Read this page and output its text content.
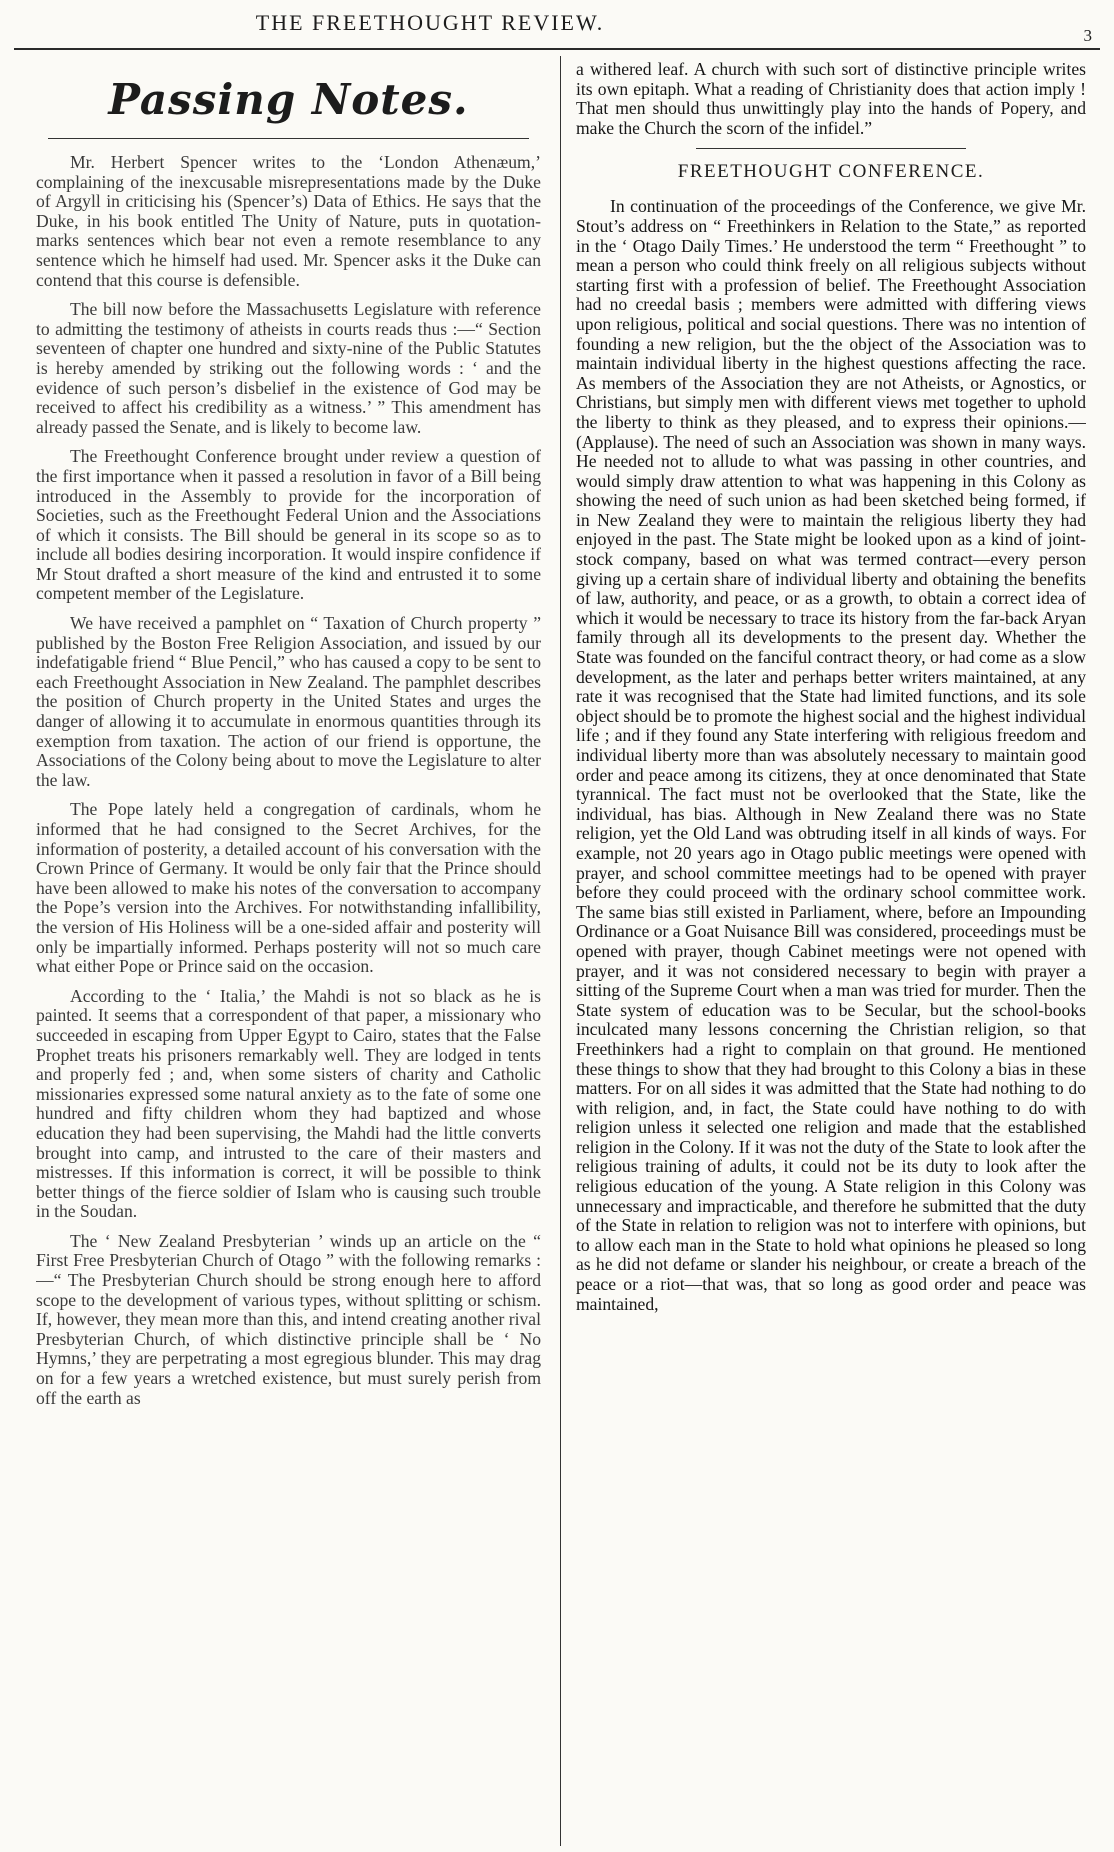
THE FREETHOUGHT REVIEW.
3
Passing Notes.

Mr. Herbert Spencer writes to the ‘London Athenæum,’ complaining of the inexcusable misrepresentations made by the Duke of Argyll in criticising his (Spencer’s) Data of Ethics. He says that the Duke, in his book entitled The Unity of Nature, puts in quotation-marks sentences which bear not even a remote resemblance to any sentence which he himself had used. Mr. Spencer asks it the Duke can contend that this course is defensible.

The bill now before the Massachusetts Legislature with reference to admitting the testimony of atheists in courts reads thus :—“ Section seventeen of chapter one hundred and sixty-nine of the Public Statutes is hereby amended by striking out the following words : ‘ and the evidence of such person’s disbelief in the existence of God may be received to affect his credibility as a witness.’ ” This amendment has already passed the Senate, and is likely to become law.

The Freethought Conference brought under review a question of the first importance when it passed a resolution in favor of a Bill being introduced in the Assembly to provide for the incorporation of Societies, such as the Freethought Federal Union and the Associations of which it consists. The Bill should be general in its scope so as to include all bodies desiring incorporation. It would inspire confidence if Mr Stout drafted a short measure of the kind and entrusted it to some competent member of the Legislature.

We have received a pamphlet on “ Taxation of Church property ” published by the Boston Free Religion Association, and issued by our indefatigable friend “ Blue Pencil,” who has caused a copy to be sent to each Freethought Association in New Zealand. The pamphlet describes the position of Church property in the United States and urges the danger of allowing it to accumulate in enormous quantities through its exemption from taxation. The action of our friend is opportune, the Associations of the Colony being about to move the Legislature to alter the law.

The Pope lately held a congregation of cardinals, whom he informed that he had consigned to the Secret Archives, for the information of posterity, a detailed account of his conversation with the Crown Prince of Germany. It would be only fair that the Prince should have been allowed to make his notes of the conversation to accompany the Pope’s version into the Archives. For notwithstanding infallibility, the version of His Holiness will be a one-sided affair and posterity will only be impartially informed. Perhaps posterity will not so much care what either Pope or Prince said on the occasion.

According to the ‘ Italia,’ the Mahdi is not so black as he is painted. It seems that a correspondent of that paper, a missionary who succeeded in escaping from Upper Egypt to Cairo, states that the False Prophet treats his prisoners remarkably well. They are lodged in tents and properly fed ; and, when some sisters of charity and Catholic missionaries expressed some natural anxiety as to the fate of some one hundred and fifty children whom they had baptized and whose education they had been supervising, the Mahdi had the little converts brought into camp, and intrusted to the care of their masters and mistresses. If this information is correct, it will be possible to think better things of the fierce soldier of Islam who is causing such trouble in the Soudan.

The ‘ New Zealand Presbyterian ’ winds up an article on the “ First Free Presbyterian Church of Otago ” with the following remarks :—“ The Presbyterian Church should be strong enough here to afford scope to the development of various types, without splitting or schism. If, however, they mean more than this, and intend creating another rival Presbyterian Church, of which distinctive principle shall be ‘ No Hymns,’ they are perpetrating a most egregious blunder. This may drag on for a few years a wretched existence, but must surely perish from off the earth as

a withered leaf. A church with such sort of distinctive principle writes its own epitaph. What a reading of Christianity does that action imply ! That men should thus unwittingly play into the hands of Popery, and make the Church the scorn of the infidel.”

FREETHOUGHT CONFERENCE.

In continuation of the proceedings of the Conference, we give Mr. Stout’s address on “ Freethinkers in Relation to the State,” as reported in the ‘ Otago Daily Times.’ He understood the term “ Freethought ” to mean a person who could think freely on all religious subjects without starting first with a profession of belief. The Freethought Association had no creedal basis ; members were admitted with differing views upon religious, political and social questions. There was no intention of founding a new religion, but the the object of the Association was to maintain individual liberty in the highest questions affecting the race. As members of the Association they are not Atheists, or Agnostics, or Christians, but simply men with different views met together to uphold the liberty to think as they pleased, and to express their opinions.—(Applause). The need of such an Association was shown in many ways. He needed not to allude to what was passing in other countries, and would simply draw attention to what was happening in this Colony as showing the need of such union as had been sketched being formed, if in New Zealand they were to maintain the religious liberty they had enjoyed in the past. The State might be looked upon as a kind of joint-stock company, based on what was termed contract—every person giving up a certain share of individual liberty and obtaining the benefits of law, authority, and peace, or as a growth, to obtain a correct idea of which it would be necessary to trace its history from the far-back Aryan family through all its developments to the present day. Whether the State was founded on the fanciful contract theory, or had come as a slow development, as the later and perhaps better writers maintained, at any rate it was recognised that the State had limited functions, and its sole object should be to promote the highest social and the highest individual life ; and if they found any State interfering with religious freedom and individual liberty more than was absolutely necessary to maintain good order and peace among its citizens, they at once denominated that State tyrannical. The fact must not be overlooked that the State, like the individual, has bias. Although in New Zealand there was no State religion, yet the Old Land was obtruding itself in all kinds of ways. For example, not 20 years ago in Otago public meetings were opened with prayer, and school committee meetings had to be opened with prayer before they could proceed with the ordinary school committee work. The same bias still existed in Parliament, where, before an Impounding Ordinance or a Goat Nuisance Bill was considered, proceedings must be opened with prayer, though Cabinet meetings were not opened with prayer, and it was not considered necessary to begin with prayer a sitting of the Supreme Court when a man was tried for murder. Then the State system of education was to be Secular, but the school-books inculcated many lessons concerning the Christian religion, so that Freethinkers had a right to complain on that ground. He mentioned these things to show that they had brought to this Colony a bias in these matters. For on all sides it was admitted that the State had nothing to do with religion, and, in fact, the State could have nothing to do with religion unless it selected one religion and made that the established religion in the Colony. If it was not the duty of the State to look after the religious training of adults, it could not be its duty to look after the religious education of the young. A State religion in this Colony was unnecessary and impracticable, and therefore he submitted that the duty of the State in relation to religion was not to interfere with opinions, but to allow each man in the State to hold what opinions he pleased so long as he did not defame or slander his neighbour, or create a breach of the peace or a riot—that was, that so long as good order and peace was maintained,
